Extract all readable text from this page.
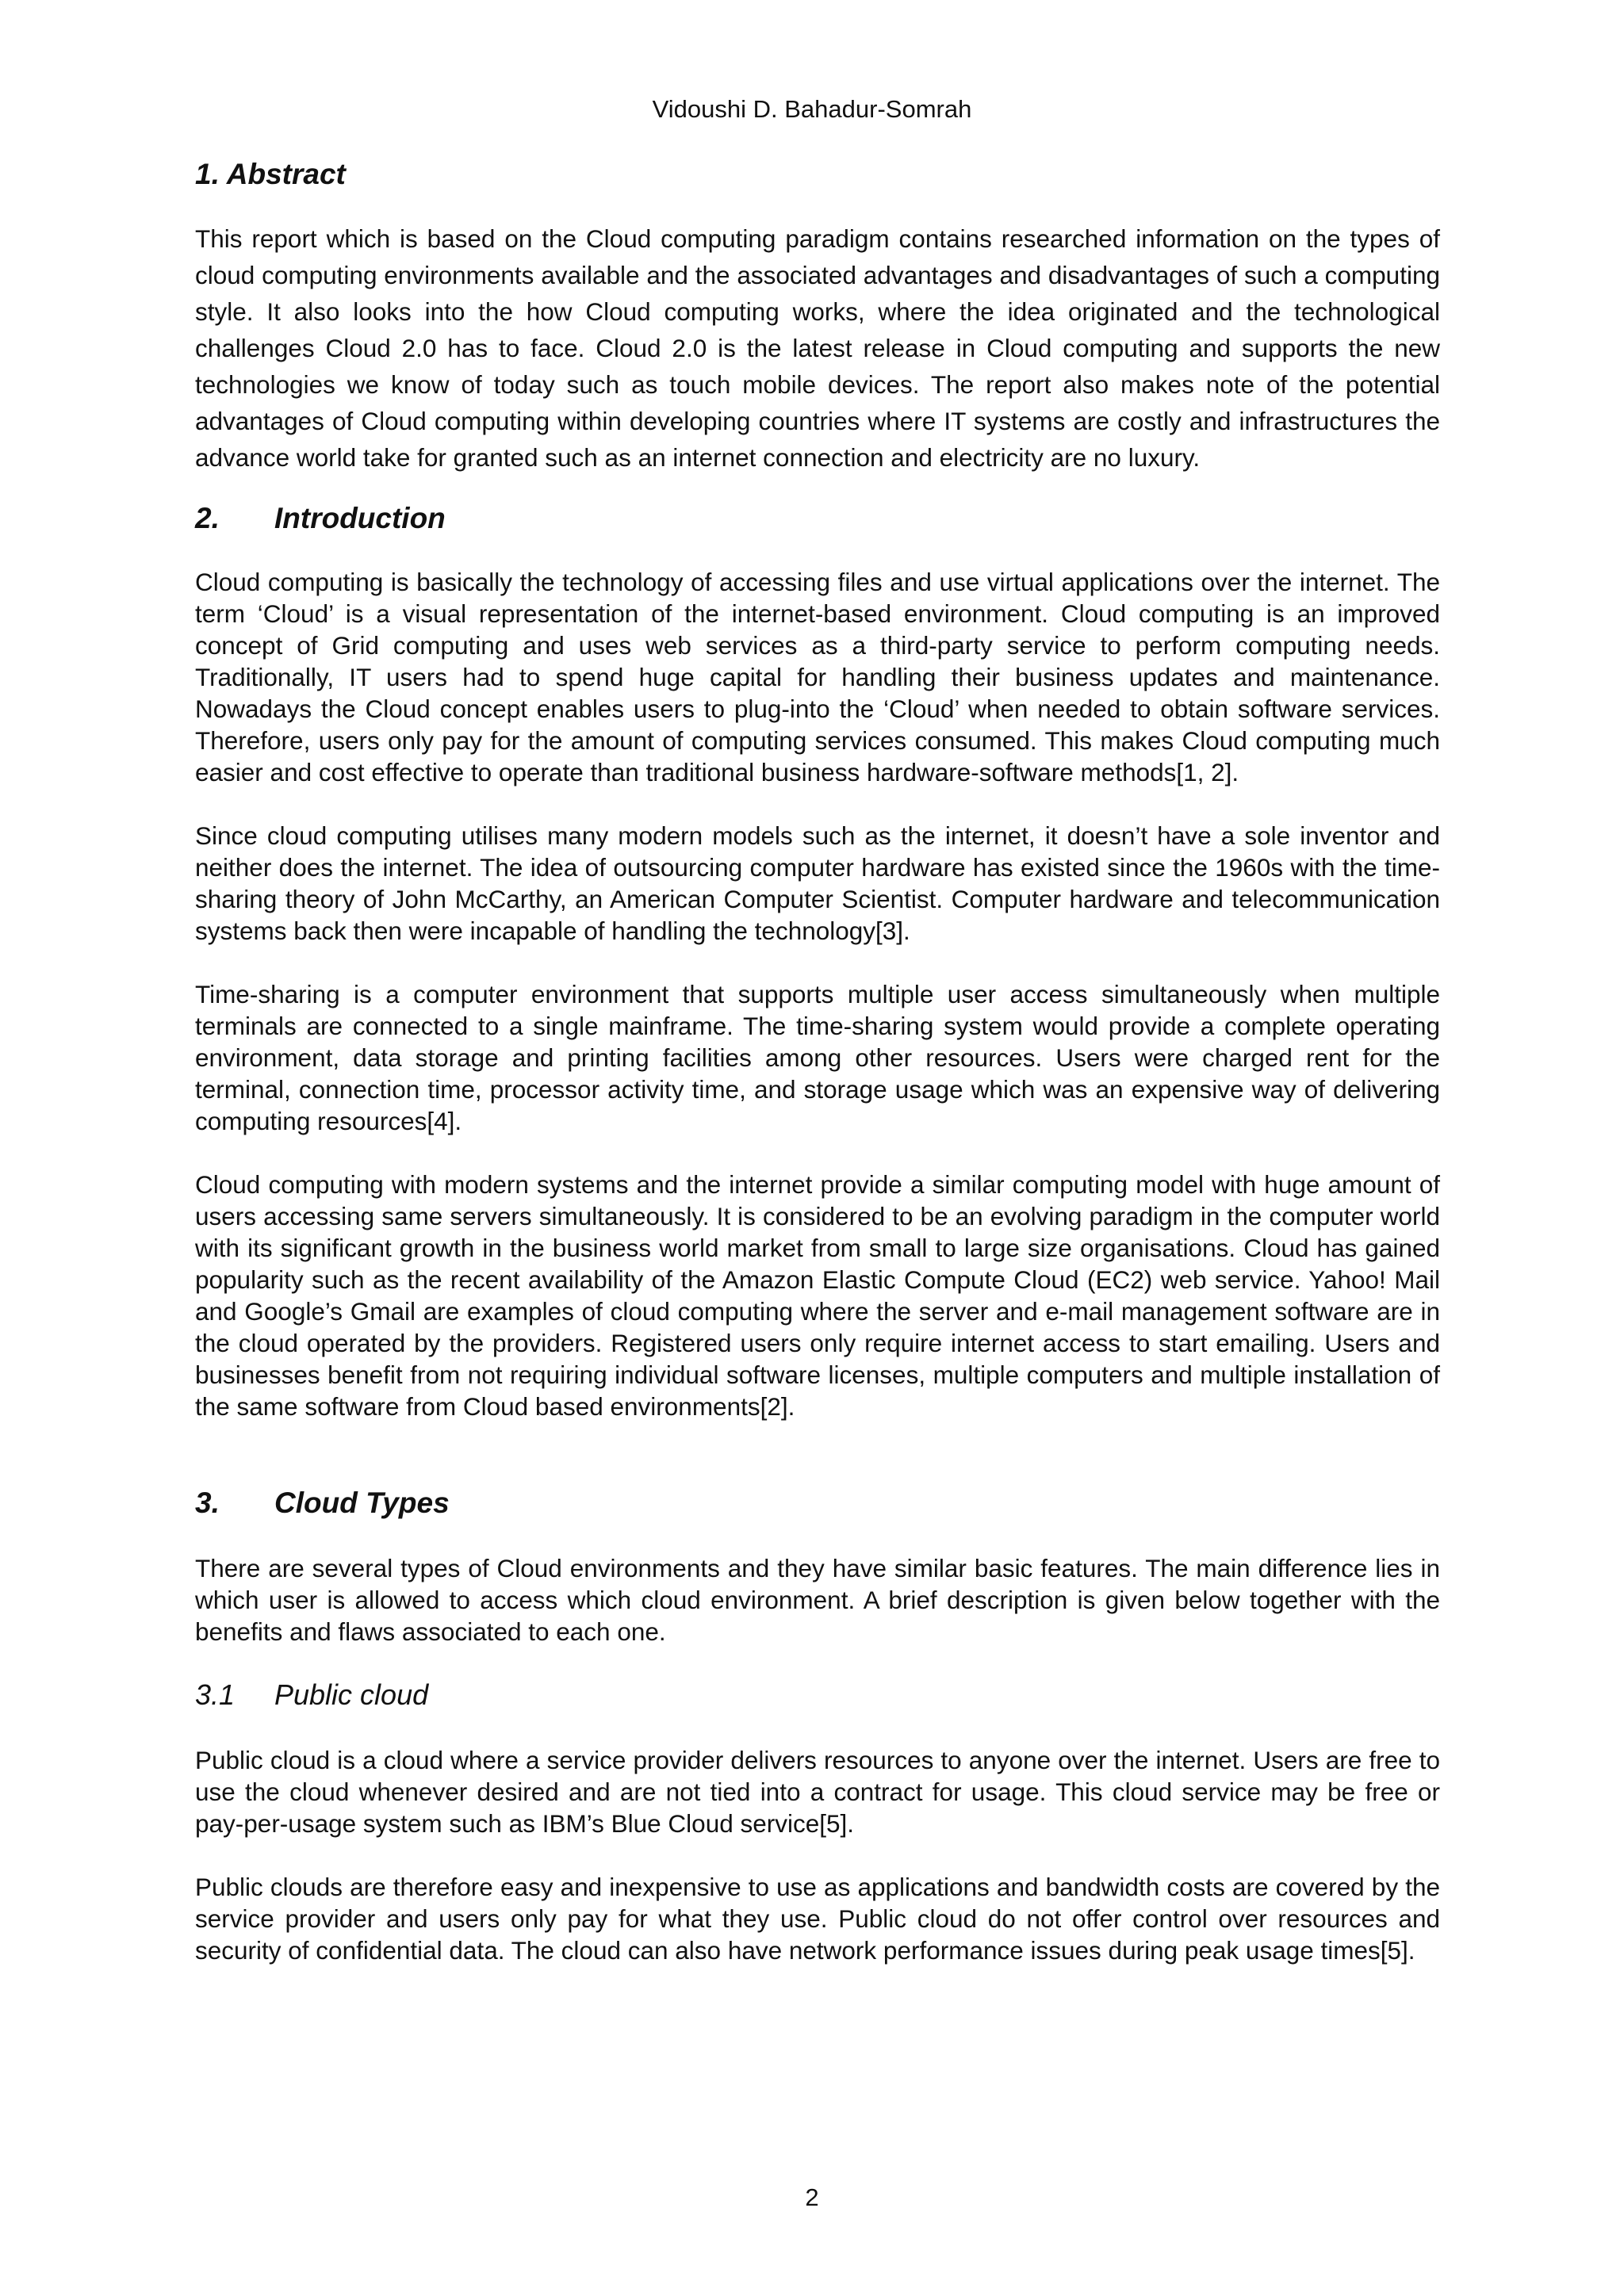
Vidoushi D. Bahadur-Somrah
1. Abstract

This report which is based on the Cloud computing paradigm contains researched information on the types of cloud computing environments available and the associated advantages and disadvantages of such a computing style. It also looks into the how Cloud computing works, where the idea originated and the technological challenges Cloud 2.0 has to face. Cloud 2.0 is the latest release in Cloud computing and supports the new technologies we know of today such as touch mobile devices. The report also makes note of the potential advantages of Cloud computing within developing countries where IT systems are costly and infrastructures the advance world take for granted such as an internet connection and electricity are no luxury.

2. Introduction

Cloud computing is basically the technology of accessing files and use virtual applications over the internet. The term ‘Cloud’ is a visual representation of the internet-based environment. Cloud computing is an improved concept of Grid computing and uses web services as a third-party service to perform computing needs. Traditionally, IT users had to spend huge capital for handling their business updates and maintenance. Nowadays the Cloud concept enables users to plug-into the ‘Cloud’ when needed to obtain software services. Therefore, users only pay for the amount of computing services consumed. This makes Cloud computing much easier and cost effective to operate than traditional business hardware-software methods[1, 2].

Since cloud computing utilises many modern models such as the internet, it doesn’t have a sole inventor and neither does the internet. The idea of outsourcing computer hardware has existed since the 1960s with the time-sharing theory of John McCarthy, an American Computer Scientist. Computer hardware and telecommunication systems back then were incapable of handling the technology[3].

Time-sharing is a computer environment that supports multiple user access simultaneously when multiple terminals are connected to a single mainframe. The time-sharing system would provide a complete operating environment, data storage and printing facilities among other resources. Users were charged rent for the terminal, connection time, processor activity time, and storage usage which was an expensive way of delivering computing resources[4].

Cloud computing with modern systems and the internet provide a similar computing model with huge amount of users accessing same servers simultaneously. It is considered to be an evolving paradigm in the computer world with its significant growth in the business world market from small to large size organisations. Cloud has gained popularity such as the recent availability of the Amazon Elastic Compute Cloud (EC2) web service. Yahoo! Mail and Google’s Gmail are examples of cloud computing where the server and e-mail management software are in the cloud operated by the providers. Registered users only require internet access to start emailing. Users and businesses benefit from not requiring individual software licenses, multiple computers and multiple installation of the same software from Cloud based environments[2].

3. Cloud Types

There are several types of Cloud environments and they have similar basic features. The main difference lies in which user is allowed to access which cloud environment. A brief description is given below together with the benefits and flaws associated to each one.

3.1 Public cloud

Public cloud is a cloud where a service provider delivers resources to anyone over the internet. Users are free to use the cloud whenever desired and are not tied into a contract for usage. This cloud service may be free or pay-per-usage system such as IBM’s Blue Cloud service[5].

Public clouds are therefore easy and inexpensive to use as applications and bandwidth costs are covered by the service provider and users only pay for what they use. Public cloud do not offer control over resources and security of confidential data. The cloud can also have network performance issues during peak usage times[5].

2
